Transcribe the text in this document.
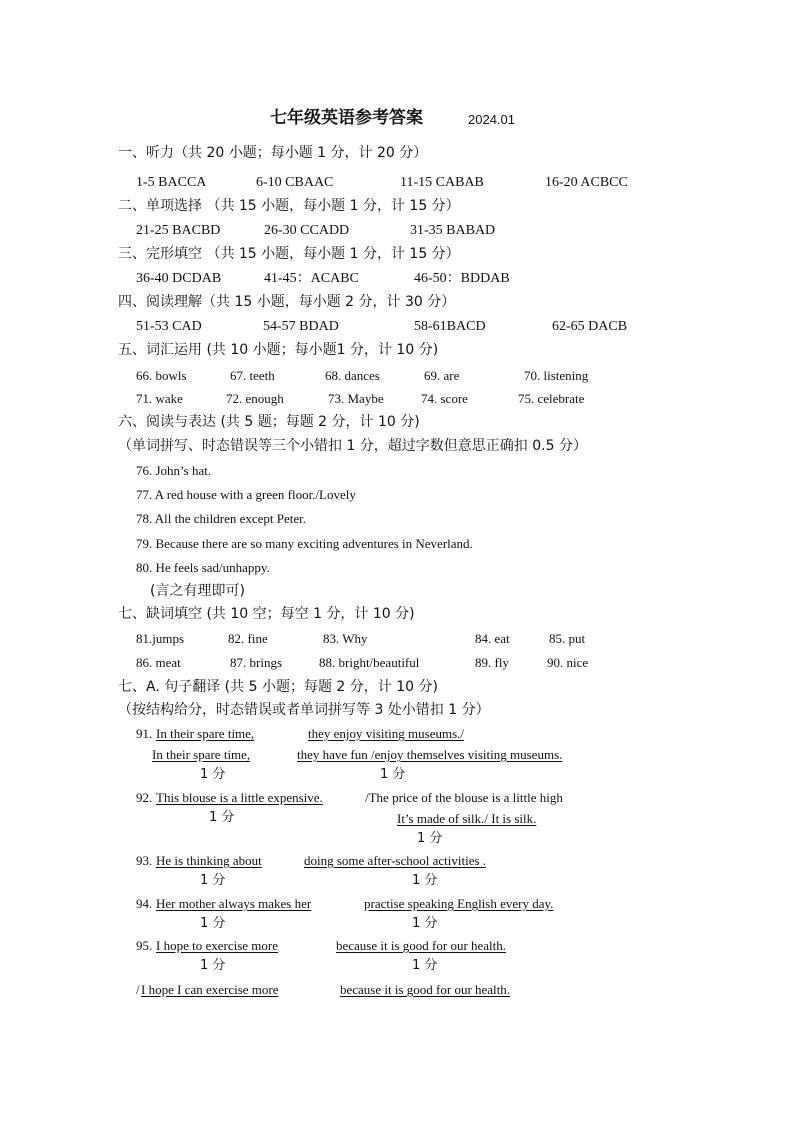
七年级英语参考答案	2024.01
一、听力（共 20 小题；每小题 1 分，计 20 分）
1-5 BACCA	6-10 CBAAC	11-15 CABAB	16-20 ACBCC
二、单项选择 （共 15 小题，每小题 1 分，计 15 分）
21-25 BACBD	26-30 CCADD	31-35 BABAD
三、完形填空 （共 15 小题，每小题 1 分，计 15 分）
36-40 DCDAB	41-45：ACABC	46-50：BDDAB
四、阅读理解（共 15 小题，每小题 2 分，计 30 分）
51-53 CAD	54-57 BDAD	58-61BACD	62-65 DACB
五、词汇运用 (共 10 小题；每小题1 分，计 10 分)
66. bowls	67. teeth	68. dances	69. are	70. listening
71. wake	72. enough	73. Maybe	74. score	75. celebrate
六、阅读与表达 (共 5 题；每题 2 分，计 10 分)
（单词拼写、时态错误等三个小错扣 1 分，超过字数但意思正确扣 0.5 分）
76. John’s hat.
77. A red house with a green floor./Lovely
78. All the children except Peter.
79. Because there are so many exciting adventures in Neverland.
80. He feels sad/unhappy.
(言之有理即可)
七、缺词填空 (共 10 空；每空 1 分，计 10 分)
81.jumps	82. fine	83. Why	84. eat	85. put
86. meat	87. brings	88. bright/beautiful	89. fly	90. nice
七、A. 句子翻译 (共 5 小题；每题 2 分，计 10 分)
（按结构给分，时态错误或者单词拼写等 3 处小错扣 1 分）
91. In their spare time,	they enjoy visiting museums./
In their spare time,	they have fun /enjoy themselves visiting museums.
1 分	1 分
92. This blouse is a little expensive.	/The price of the blouse is a little high
1 分	It’s made of silk./ It is silk.
1 分
93. He is thinking about	doing some after-school activities .
1 分	1 分
94. Her mother always makes her	practise speaking English every day.
1 分	1 分
95. I hope to exercise more	because it is good for our health.
1 分	1 分
/ I hope I can exercise more	because it is good for our health.
